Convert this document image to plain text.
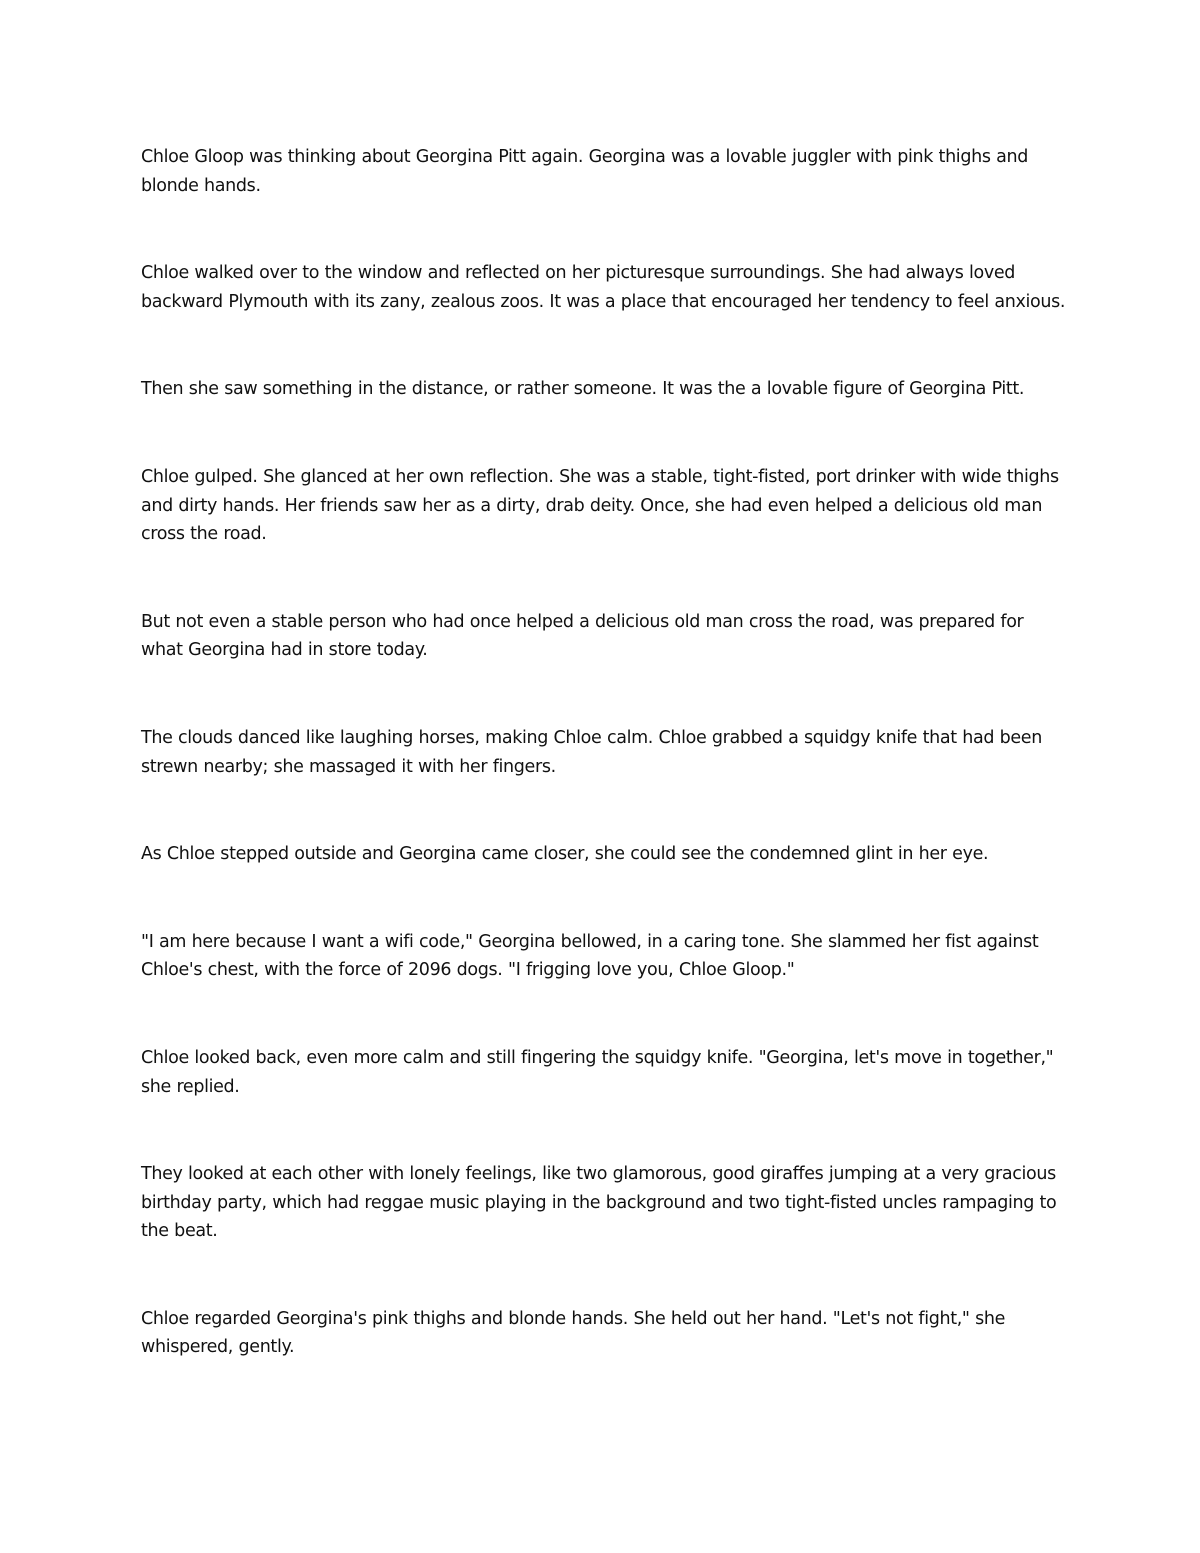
Chloe Gloop was thinking about Georgina Pitt again. Georgina was a lovable juggler with pink thighs and blonde hands.

Chloe walked over to the window and reflected on her picturesque surroundings. She had always loved backward Plymouth with its zany, zealous zoos. It was a place that encouraged her tendency to feel anxious.

Then she saw something in the distance, or rather someone. It was the a lovable figure of Georgina Pitt.

Chloe gulped. She glanced at her own reflection. She was a stable, tight-fisted, port drinker with wide thighs and dirty hands. Her friends saw her as a dirty, drab deity. Once, she had even helped a delicious old man cross the road.

But not even a stable person who had once helped a delicious old man cross the road, was prepared for what Georgina had in store today.

The clouds danced like laughing horses, making Chloe calm. Chloe grabbed a squidgy knife that had been strewn nearby; she massaged it with her fingers.

As Chloe stepped outside and Georgina came closer, she could see the condemned glint in her eye.

"I am here because I want a wifi code," Georgina bellowed, in a caring tone. She slammed her fist against Chloe's chest, with the force of 2096 dogs. "I frigging love you, Chloe Gloop."

Chloe looked back, even more calm and still fingering the squidgy knife. "Georgina, let's move in together," she replied.

They looked at each other with lonely feelings, like two glamorous, good giraffes jumping at a very gracious birthday party, which had reggae music playing in the background and two tight-fisted uncles rampaging to the beat.

Chloe regarded Georgina's pink thighs and blonde hands. She held out her hand. "Let's not fight," she whispered, gently.
